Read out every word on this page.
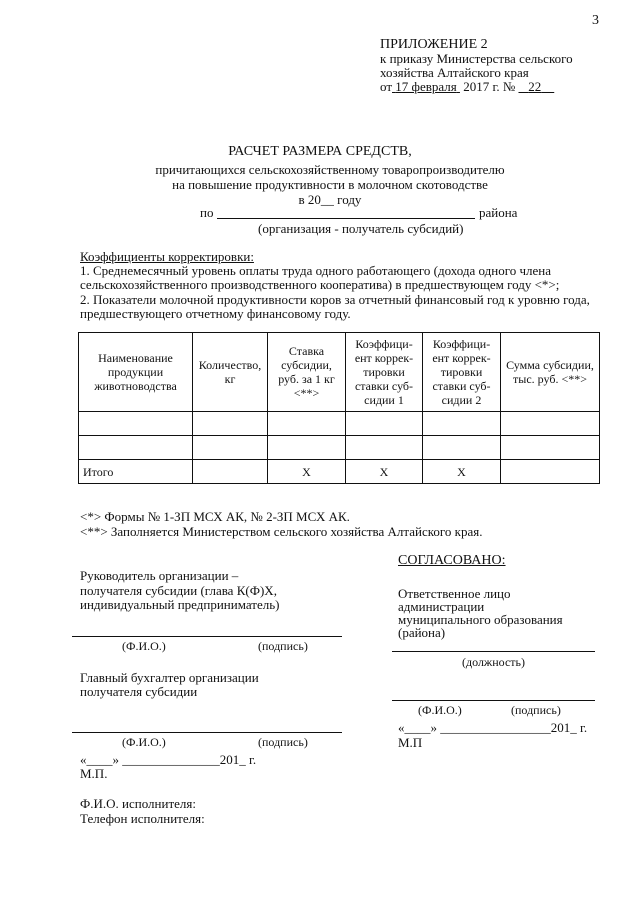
3
ПРИЛОЖЕНИЕ 2
к приказу Министерства сельского
хозяйства Алтайского края
от 17 февраля 2017 г. № 22
РАСЧЕТ РАЗМЕРА СРЕДСТВ,
причитающихся сельскохозяйственному товаропроизводителю
на повышение продуктивности в молочном скотоводстве
в 20__ году
по	района
(организация - получатель субсидий)
Коэффициенты корректировки:
1. Среднемесячный уровень оплаты труда одного работающего (дохода одного члена
сельскохозяйственного производственного кооператива) в предшествующем году <*>;
2. Показатели молочной продуктивности коров за отчетный финансовый год к уровню года,
предшествующего отчетному финансовому году.
Наименование продукции животноводства	Количество, кг	Ставка субсидии, руб. за 1 кг <**>	Коэффици-ент коррек-тировки ставки суб-сидии 1	Коэффици-ент коррек-тировки ставки суб-сидии 2	Сумма субсидии, тыс. руб. <**>

Итого		X	X	X	
<*> Формы № 1-ЗП МСХ АК, № 2-ЗП МСХ АК.
<**> Заполняется Министерством сельского хозяйства Алтайского края.
СОГЛАСОВАНО:
Ответственное лицо
администрации
муниципального образования
(района)
(должность)
(Ф.И.О.)	(подпись)
«____» _________________201_ г.
М.П
Руководитель организации –
получателя субсидии (глава К(Ф)Х,
индивидуальный предприниматель)
(Ф.И.О.)	(подпись)
Главный бухгалтер организации
получателя субсидии
(Ф.И.О.)	(подпись)
«____» _______________201_ г.
М.П.
Ф.И.О. исполнителя:
Телефон исполнителя:
